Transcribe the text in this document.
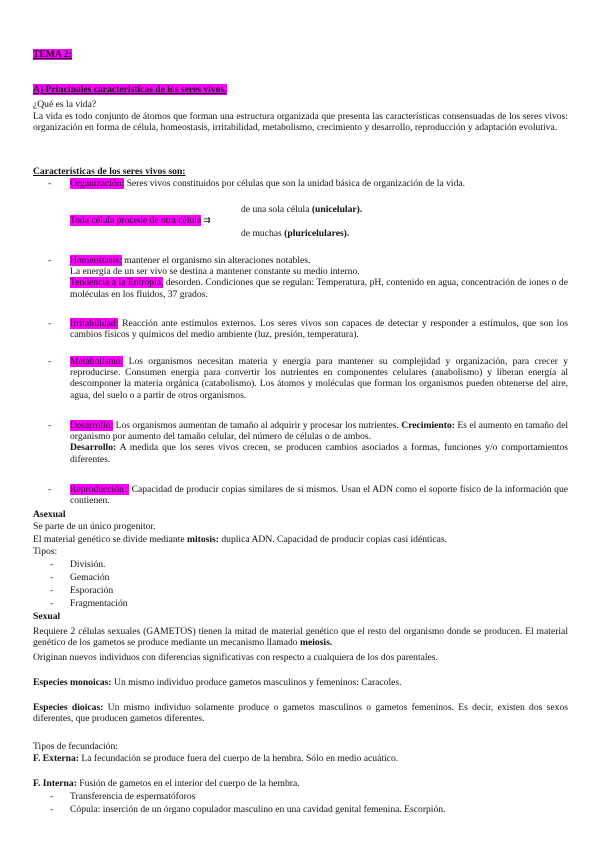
TEMA 2:
A) Principales características de los seres vivos.

¿Qué es la vida?

La vida es todo conjunto de átomos que forman una estructura organizada que presenta las características consensuadas de los seres vivos: organización en forma de célula, homeostasis, irritabilidad, metabolismo, crecimiento y desarrollo, reproducción y adaptación evolutiva.

Características de los seres vivos son:
- Organización: Seres vivos constituidos por células que son la unidad básica de organización de la vida.

de una sola célula (unicelular).

Toda célula procede de otra célula ⇉

de muchas (pluricelulares).

- Homeostasis: mantener el organismo sin alteraciones notables.

La energía de un ser vivo se destina a mantener constante su medio interno.

Tendencia a la Entropía, desorden. Condiciones que se regulan: Temperatura, pH, contenido en agua, concentración de iones o de moléculas en los fluidos, 37 grados.

- Irritabilidad: Reacción ante estímulos externos. Los seres vivos son capaces de detectar y responder a estímulos, que son los cambios físicos y químicos del medio ambiente (luz, presión, temperatura).

- Metabolismo: Los organismos necesitan materia y energía para mantener su complejidad y organización, para crecer y reproducirse. Consumen energía para convertir los nutrientes en componentes celulares (anabolismo) y liberan energía al descomponer la materia orgánica (catabolismo). Los átomos y moléculas que forman los organismos pueden obtenerse del aire, agua, del suelo o a partir de otros organismos.

- Desarrollo: Los organismos aumentan de tamaño al adquirir y procesar los nutrientes. Crecimiento: Es el aumento en tamaño del organismo por aumento del tamaño celular, del número de células o de ambos.

Desarrollo: A medida que los seres vivos crecen, se producen cambios asociados a formas, funciones y/o comportamientos diferentes.

- Reproducción : Capacidad de producir copias similares de sí mismos. Usan el ADN como el soporte físico de la información que contienen.

Asexual

Se parte de un único progenitor.

El material genético se divide mediante mitosis: duplica ADN. Capacidad de producir copias casi idénticas.

Tipos:

- División.

- Gemación

- Esporación

- Fragmentación

Sexual

Requiere 2 células sexuales (GAMETOS) tienen la mitad de material genético que el resto del organismo donde se producen. El material genético de los gametos se produce mediante un mecanismo llamado meiosis.

Originan nuevos individuos con diferencias significativas con respecto a cualquiera de los dos parentales.

Especies monoicas: Un mismo individuo produce gametos masculinos y femeninos: Caracoles.

Especies dioicas: Un mismo individuo solamente produce o gametos masculinos o gametos femeninos. Es decir, existen dos sexos diferentes, que producen gametos diferentes.

Tipos de fecundación:

F. Externa: La fecundación se produce fuera del cuerpo de la hembra. Sólo en medio acuático.

F. Interna: Fusión de gametos en el interior del cuerpo de la hembra.

- Transferencia de espermatóforos

- Cópula: inserción de un órgano copulador masculino en una cavidad genital femenina. Escorpión.
